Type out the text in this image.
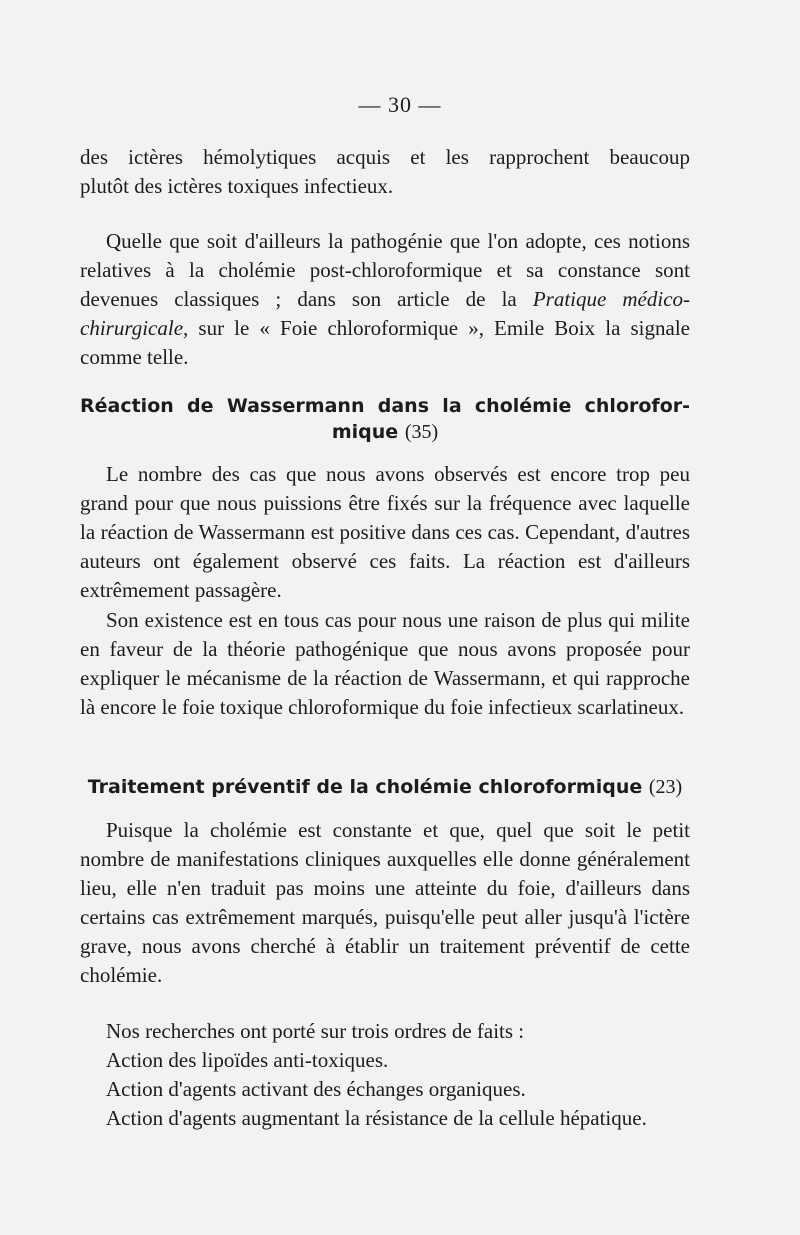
— 30 —

des ictères hémolytiques acquis et les rapprochent beaucoup

plutôt des ictères toxiques infectieux.

Quelle que soit d'ailleurs la pathogénie que l'on adopte, ces notions relatives à la cholémie post-chloroformique et sa constance sont devenues classiques ; dans son article de la Pratique médico-chirurgicale, sur le « Foie chloroformique », Emile Boix la signale comme telle.

Réaction de Wassermann dans la cholémie chlorofor-
mique (35)

Le nombre des cas que nous avons observés est encore trop peu grand pour que nous puissions être fixés sur la fréquence avec laquelle la réaction de Wassermann est positive dans ces cas. Cependant, d'autres auteurs ont également observé ces faits. La réaction est d'ailleurs extrêmement passagère.

Son existence est en tous cas pour nous une raison de plus qui milite en faveur de la théorie pathogénique que nous avons proposée pour expliquer le mécanisme de la réaction de Wassermann, et qui rapproche là encore le foie toxique chloroformique du foie infectieux scarlatineux.

Traitement préventif de la cholémie chloroformique (23)

Puisque la cholémie est constante et que, quel que soit le petit nombre de manifestations cliniques auxquelles elle donne généralement lieu, elle n'en traduit pas moins une atteinte du foie, d'ailleurs dans certains cas extrêmement marqués, puisqu'elle peut aller jusqu'à l'ictère grave, nous avons cherché à établir un traitement préventif de cette cholémie.

Nos recherches ont porté sur trois ordres de faits :

Action des lipoïdes anti-toxiques.

Action d'agents activant des échanges organiques.

Action d'agents augmentant la résistance de la cellule hépatique.
